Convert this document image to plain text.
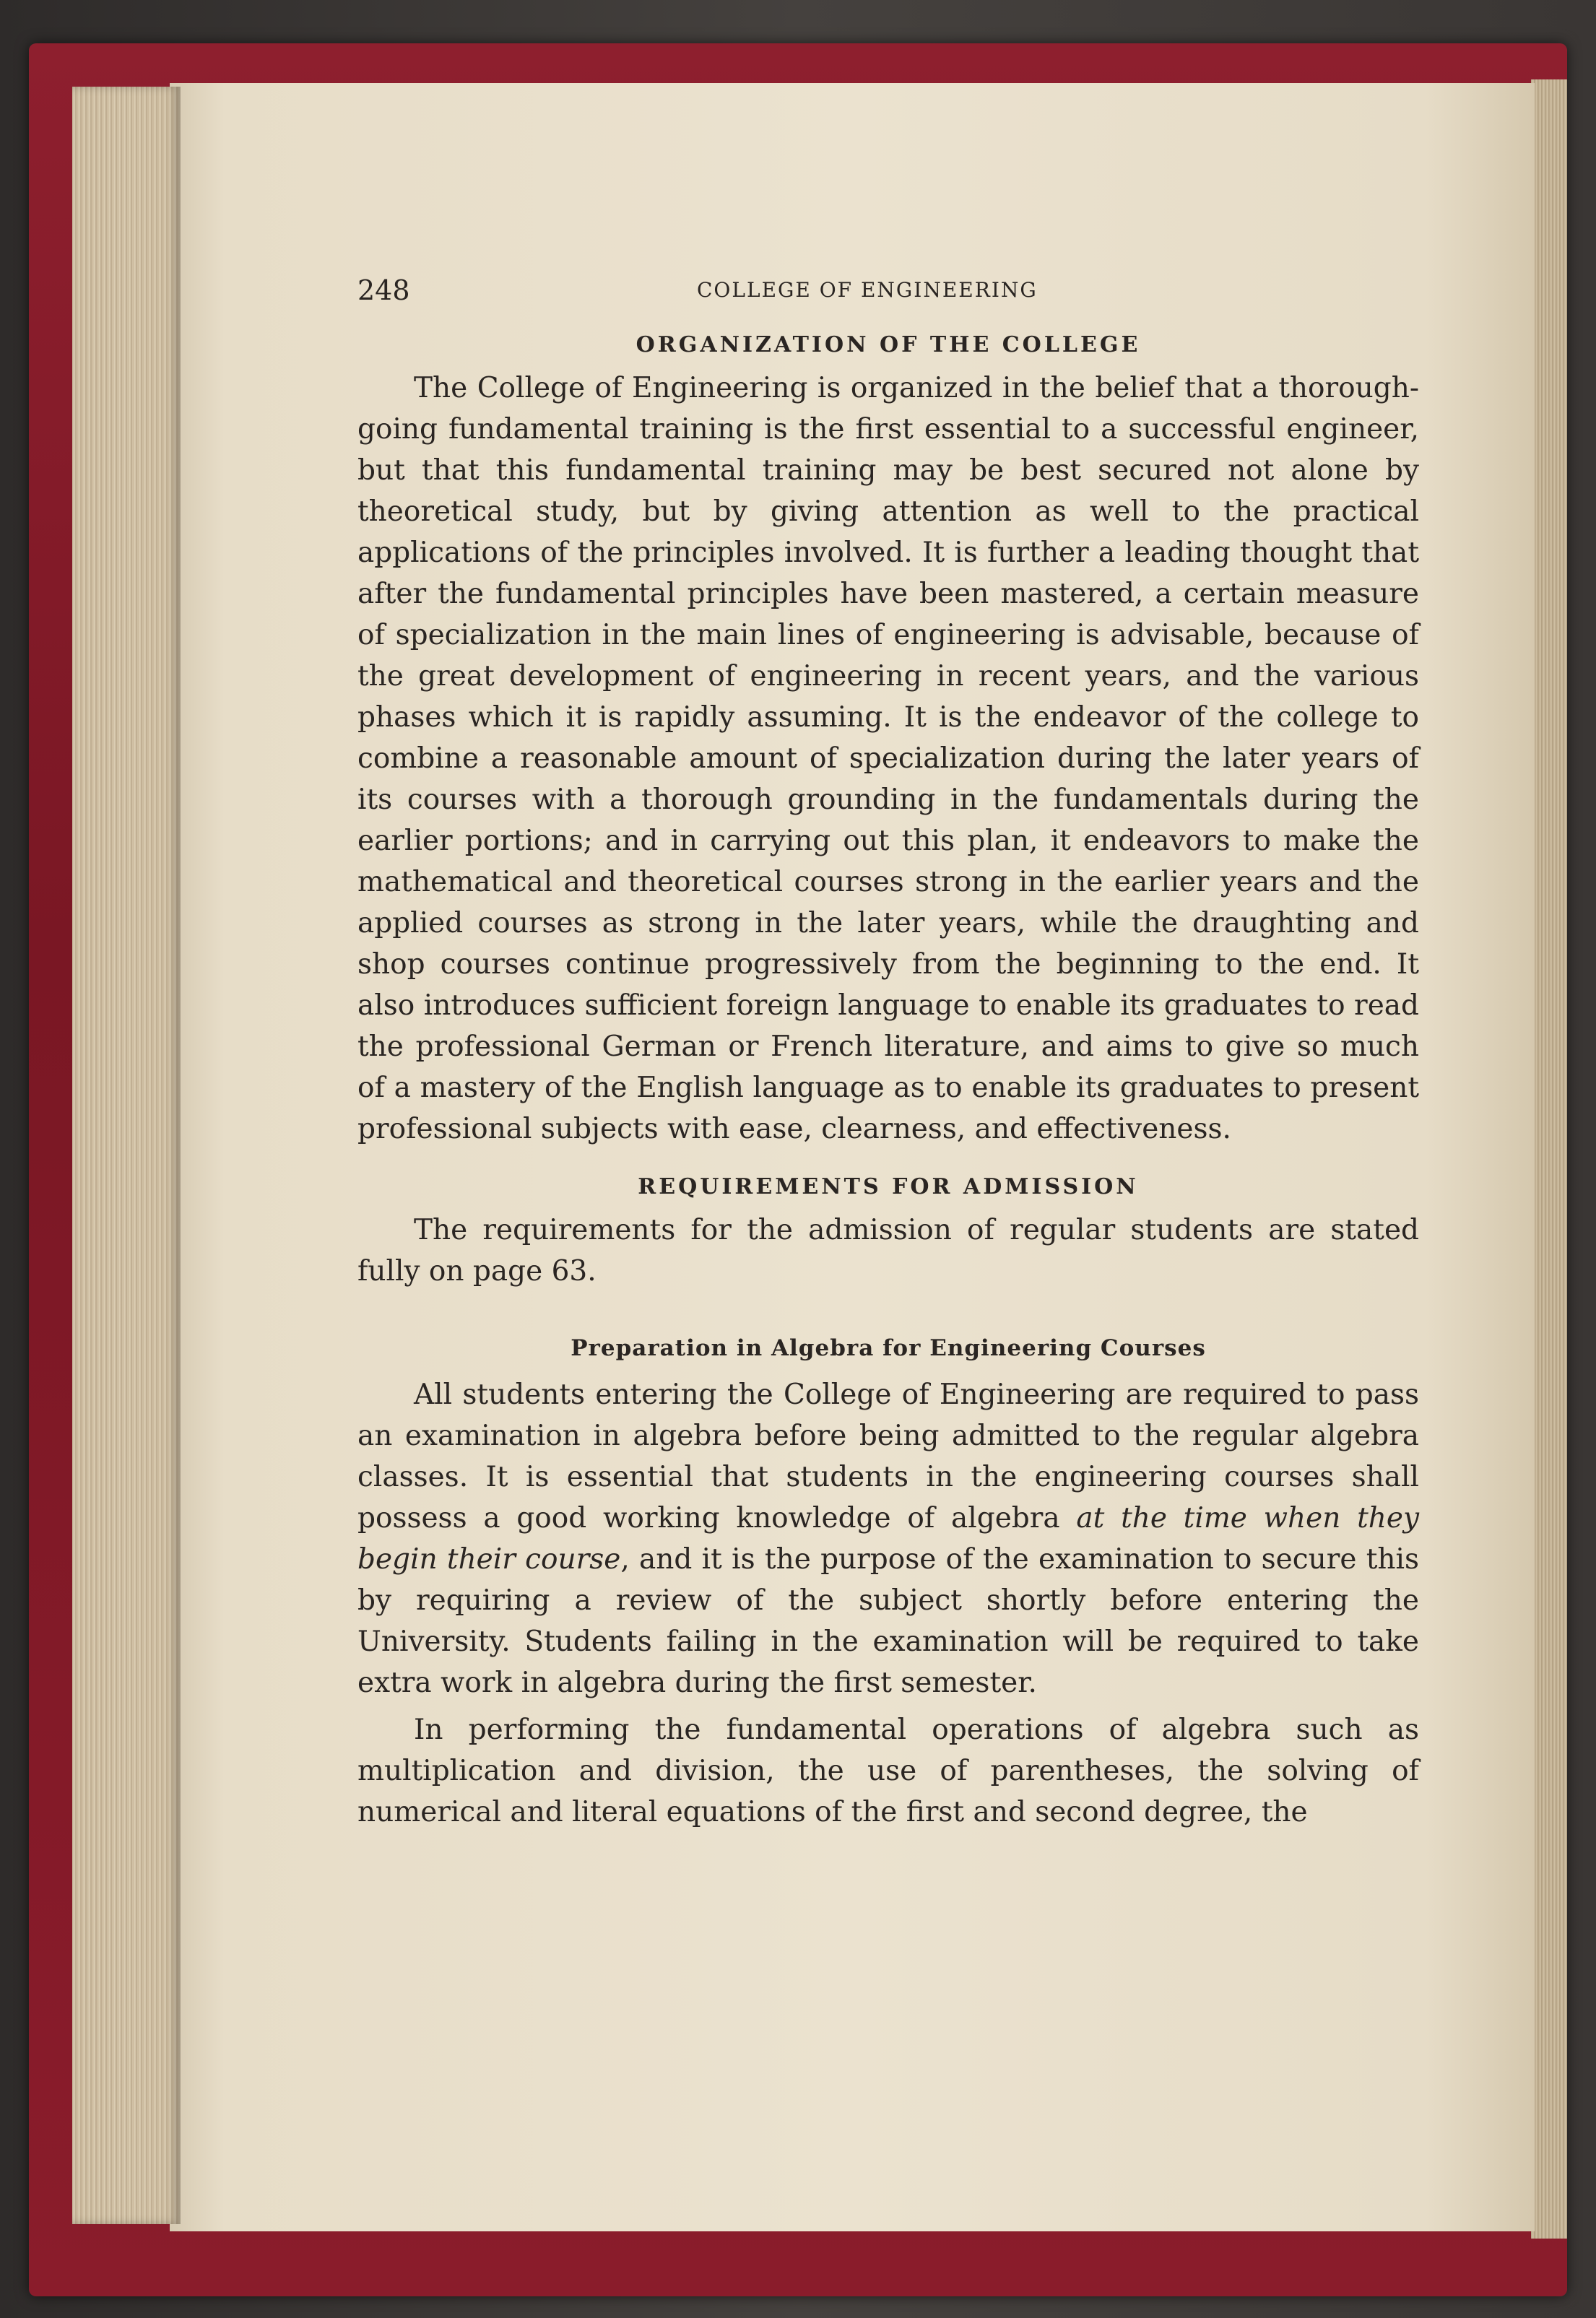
248	COLLEGE OF ENGINEERING
ORGANIZATION OF THE COLLEGE

The College of Engineering is organized in the belief that a thorough-going fundamental training is the first essential to a successful engineer, but that this fundamental training may be best secured not alone by theoretical study, but by giving attention as well to the practical applications of the principles involved. It is further a leading thought that after the fundamental principles have been mastered, a certain measure of specialization in the main lines of engineering is advisable, because of the great development of engineering in recent years, and the various phases which it is rapidly assuming. It is the endeavor of the college to combine a reasonable amount of specialization during the later years of its courses with a thorough grounding in the fundamentals during the earlier portions; and in carrying out this plan, it endeavors to make the mathematical and theoretical courses strong in the earlier years and the applied courses as strong in the later years, while the draughting and shop courses continue progressively from the beginning to the end. It also introduces sufficient foreign language to enable its graduates to read the professional German or French literature, and aims to give so much of a mastery of the English language as to enable its graduates to present professional subjects with ease, clearness, and effectiveness.

REQUIREMENTS FOR ADMISSION

The requirements for the admission of regular students are stated fully on page 63.

Preparation in Algebra for Engineering Courses

All students entering the College of Engineering are required to pass an examination in algebra before being admitted to the regular algebra classes. It is essential that students in the engineering courses shall possess a good working knowledge of algebra at the time when they begin their course, and it is the purpose of the examination to secure this by requiring a review of the subject shortly before entering the University. Students failing in the examination will be required to take extra work in algebra during the first semester.

In performing the fundamental operations of algebra such as multiplication and division, the use of parentheses, the solving of numerical and literal equations of the first and second degree, the
